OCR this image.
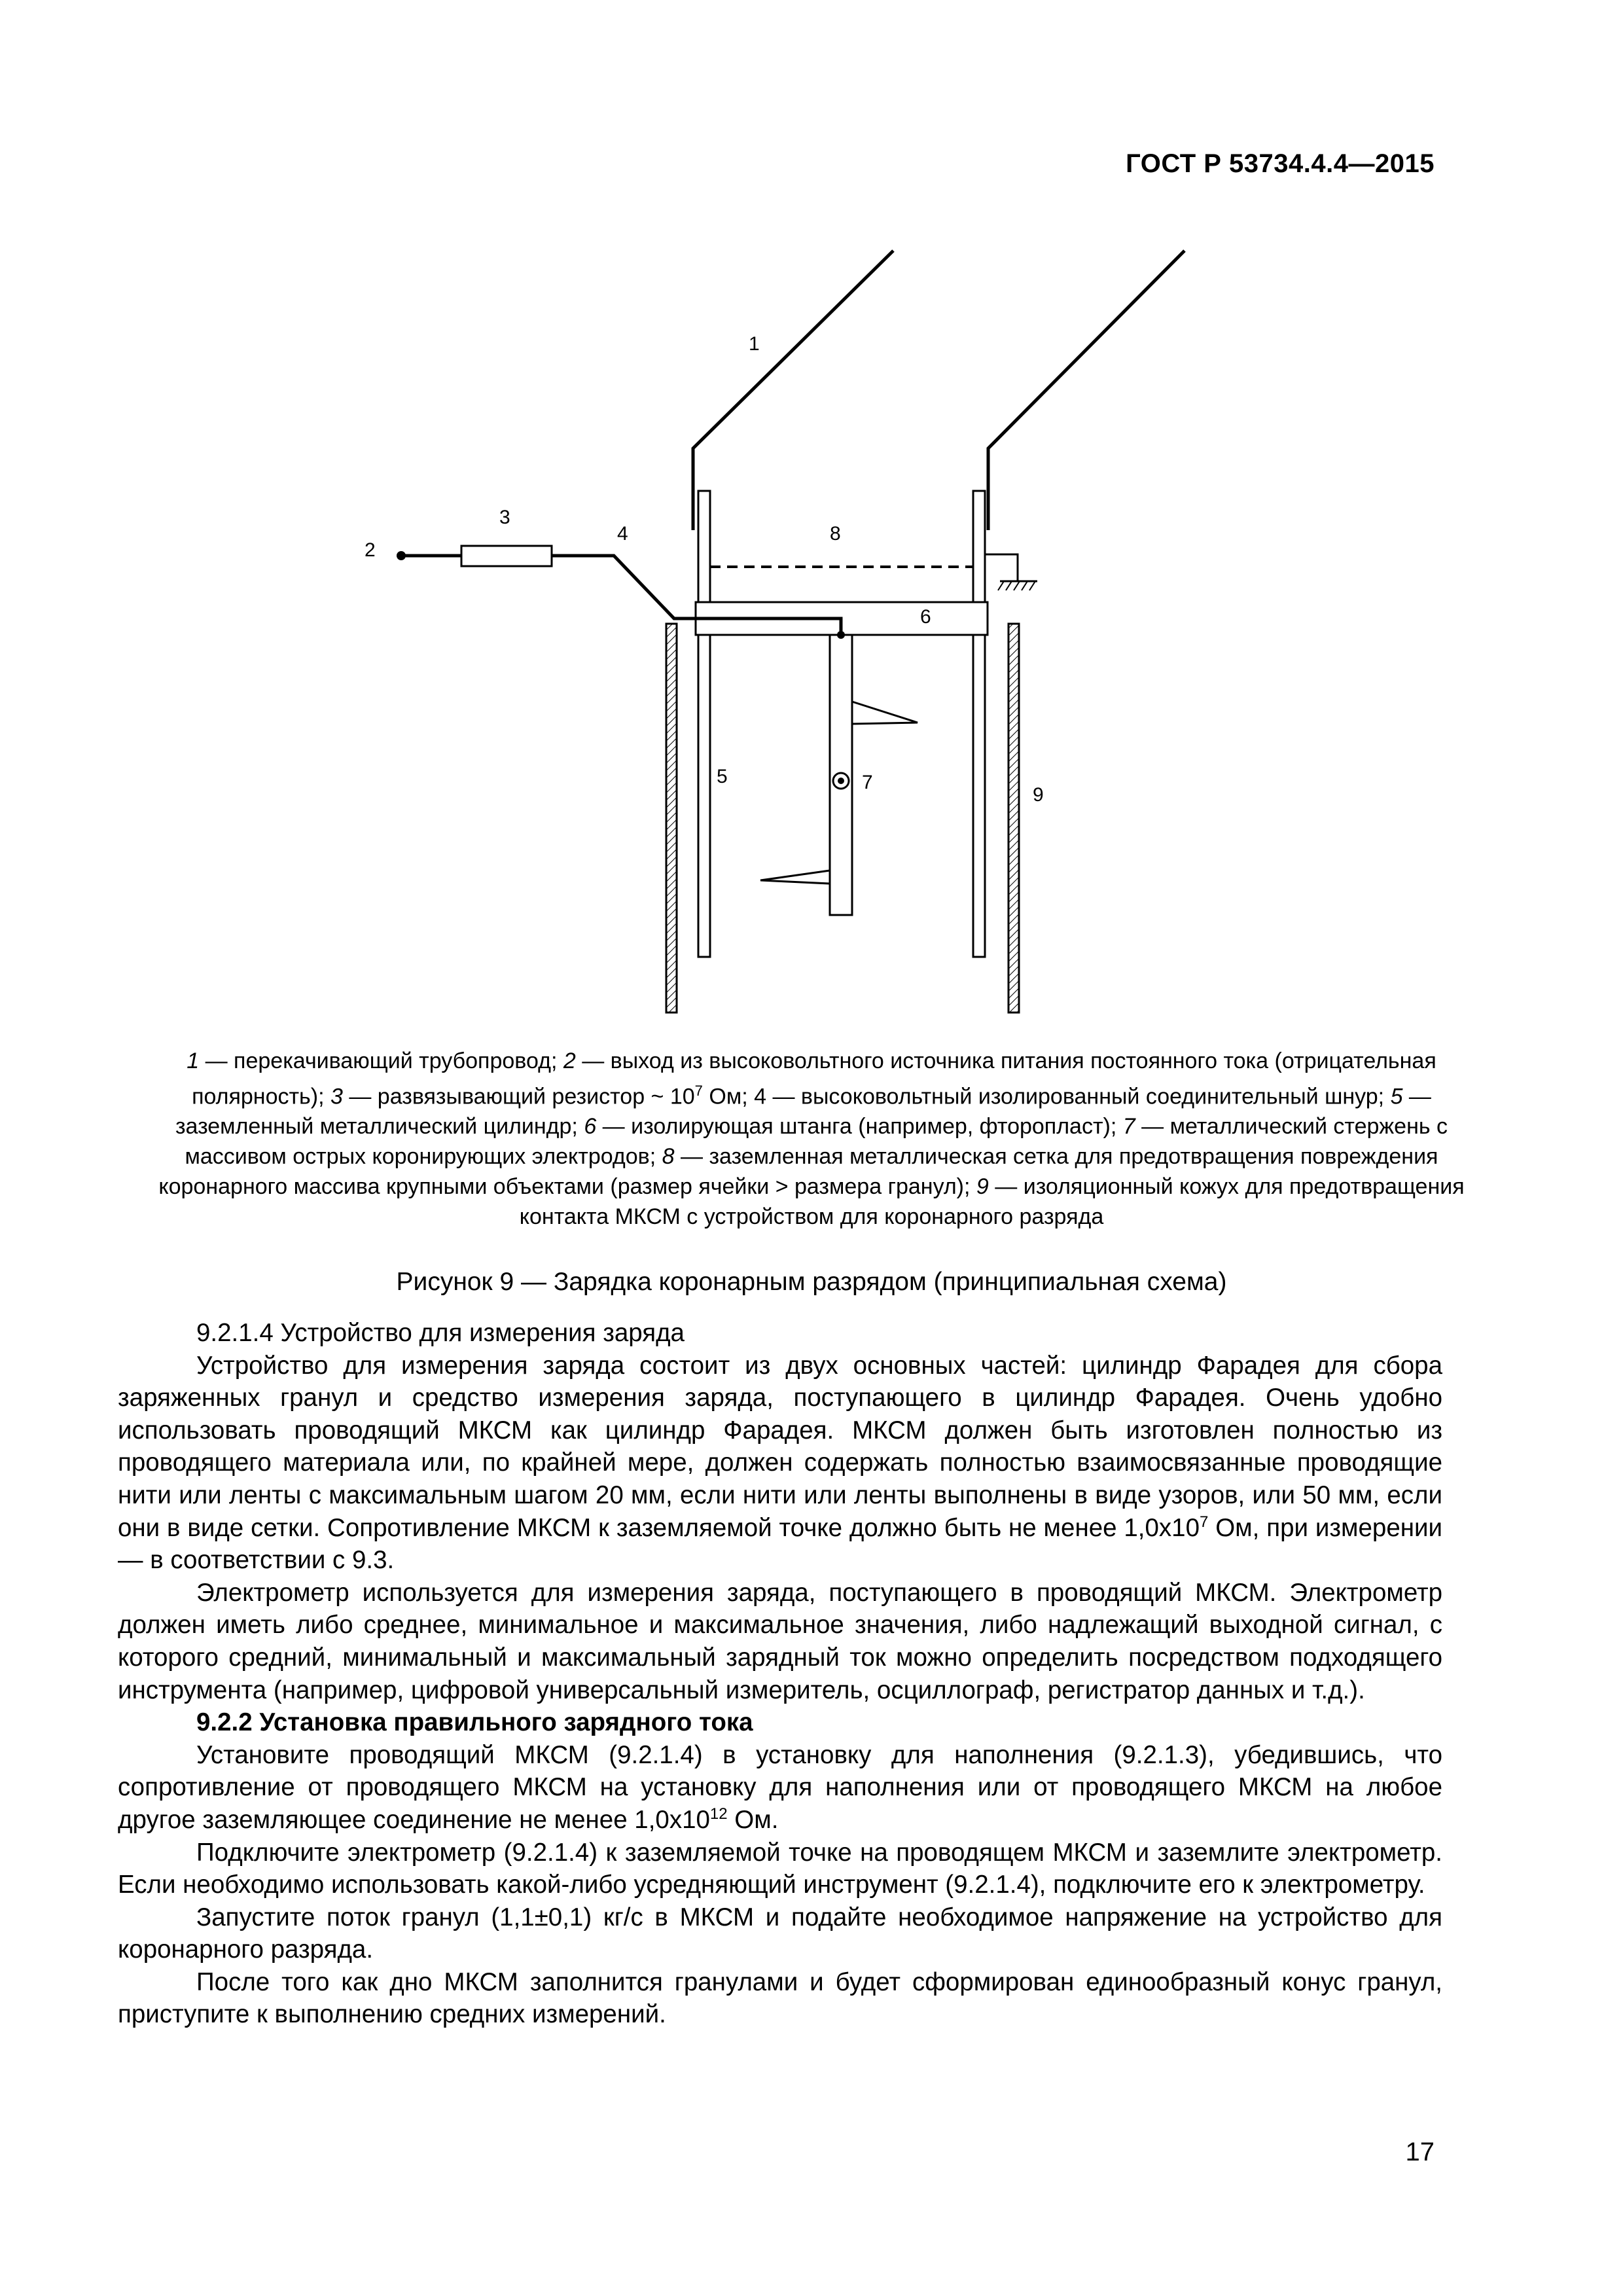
ГОСТ Р 53734.4.4—2015
1
2
3
4
5
6
7
8
9
1 — перекачивающий трубопровод; 2 — выход из высоковольтного источника питания постоянного тока (отрицательная полярность); 3 — развязывающий резистор ~ $10^7$ Ом; 4 — высоковольтный изолированный соединительный шнур; 5 — заземленный металлический цилиндр; 6 — изолирующая штанга (например, фторопласт); 7 — металлический стержень с массивом острых коронирующих электродов; 8 — заземленная металлическая сетка для предотвращения повреждения коронарного массива крупными объектами (размер ячейки > размера гранул); 9 — изоляционный кожух для предотвращения контакта МКСМ с устройством для коронарного разряда
Рисунок 9 — Зарядка коронарным разрядом (принципиальная схема)

9.2.1.4 Устройство для измерения заряда

Устройство для измерения заряда состоит из двух основных частей: цилиндр Фарадея для сбора заряженных гранул и средство измерения заряда, поступающего в цилиндр Фарадея. Очень удобно использовать проводящий МКСМ как цилиндр Фарадея. МКСМ должен быть изготовлен полностью из проводящего материала или, по крайней мере, должен содержать полностью взаимосвязанные проводящие нити или ленты с максимальным шагом 20 мм, если нити или ленты выполнены в виде узоров, или 50 мм, если они в виде сетки. Сопротивление МКСМ к заземляемой точке должно быть не менее $1,0х10^7$ Ом, при измерении — в соответствии с 9.3.

Электрометр используется для измерения заряда, поступающего в проводящий МКСМ. Электрометр должен иметь либо среднее, минимальное и максимальное значения, либо надлежащий выходной сигнал, с которого средний, минимальный и максимальный зарядный ток можно определить посредством подходящего инструмента (например, цифровой универсальный измеритель, осциллограф, регистратор данных и т.д.).

9.2.2 Установка правильного зарядного тока

Установите проводящий МКСМ (9.2.1.4) в установку для наполнения (9.2.1.3), убедившись, что сопротивление от проводящего МКСМ на установку для наполнения или от проводящего МКСМ на любое другое заземляющее соединение не менее $1,0х10^{12}$ Ом.

Подключите электрометр (9.2.1.4) к заземляемой точке на проводящем МКСМ и заземлите электрометр. Если необходимо использовать какой-либо усредняющий инструмент (9.2.1.4), подключите его к электрометру.

Запустите поток гранул (1,1±0,1) кг/с в МКСМ и подайте необходимое напряжение на устройство для коронарного разряда.

После того как дно МКСМ заполнится гранулами и будет сформирован единообразный конус гранул, приступите к выполнению средних измерений.

17
